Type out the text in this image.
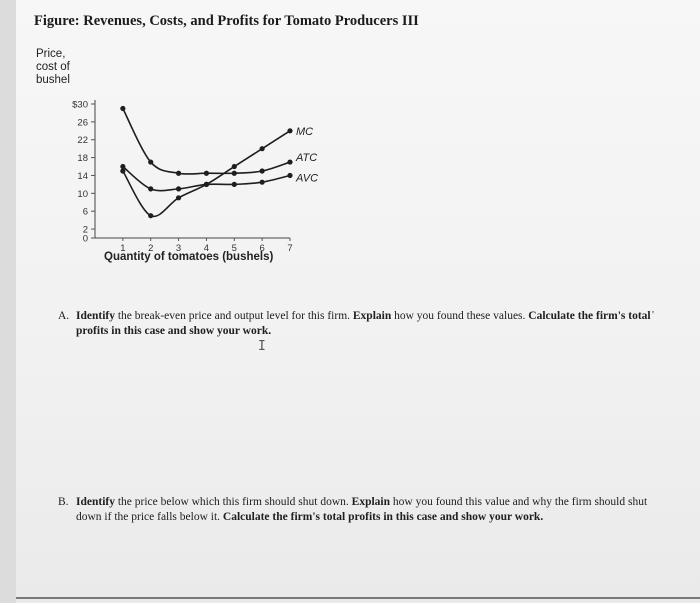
Figure: Revenues, Costs, and Profits for Tomato Producers III
Price,
cost of
bushel
$30
26
22
18
14
10
6
2
0
1 2 3 4 5 6 7
MC
ATC
AVC
Quantity of tomatoes (bushels)
A. Identify the break-even price and output level for this firm. Explain how you found these values. Calculate the firm's total profits in this case and show your work.
'
I
B. Identify the price below which this firm should shut down. Explain how you found this value and why the firm should shut down if the price falls below it. Calculate the firm's total profits in this case and show your work.
